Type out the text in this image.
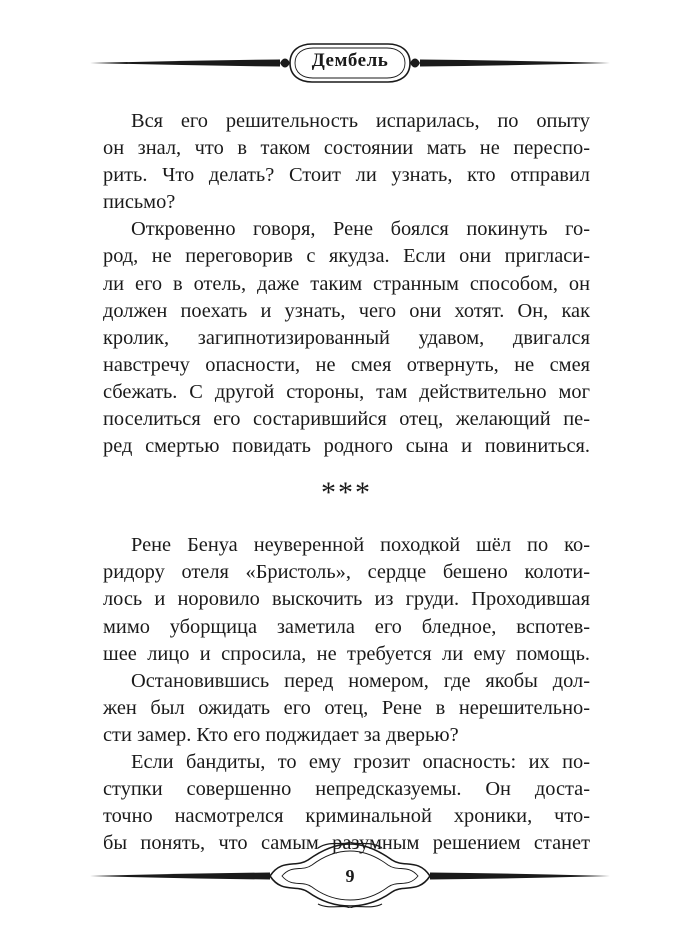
Дембель

Вся его решительность испарилась, по опыту

он знал, что в таком состоянии мать не переспо-

рить. Что делать? Стоит ли узнать, кто отправил

письмо?

Откровенно говоря, Рене боялся покинуть го-

род, не переговорив с якудза. Если они пригласи-

ли его в отель, даже таким странным способом, он

должен поехать и узнать, чего они хотят. Он, как

кролик, загипнотизированный удавом, двигался

навстречу опасности, не смея отвернуть, не смея

сбежать. С другой стороны, там действительно мог

поселиться его состарившийся отец, желающий пе-

ред смертью повидать родного сына и повиниться.

***

Рене Бенуа неуверенной походкой шёл по ко-

ридору отеля «Бристоль», сердце бешено колоти-

лось и норовило выскочить из груди. Проходившая

мимо уборщица заметила его бледное, вспотев-

шее лицо и спросила, не требуется ли ему помощь.

Остановившись перед номером, где якобы дол-

жен был ожидать его отец, Рене в нерешительно-

сти замер. Кто его поджидает за дверью?

Если бандиты, то ему грозит опасность: их по-

ступки совершенно непредсказуемы. Он доста-

точно насмотрелся криминальной хроники, что-

бы понять, что самым разумным решением станет

9
